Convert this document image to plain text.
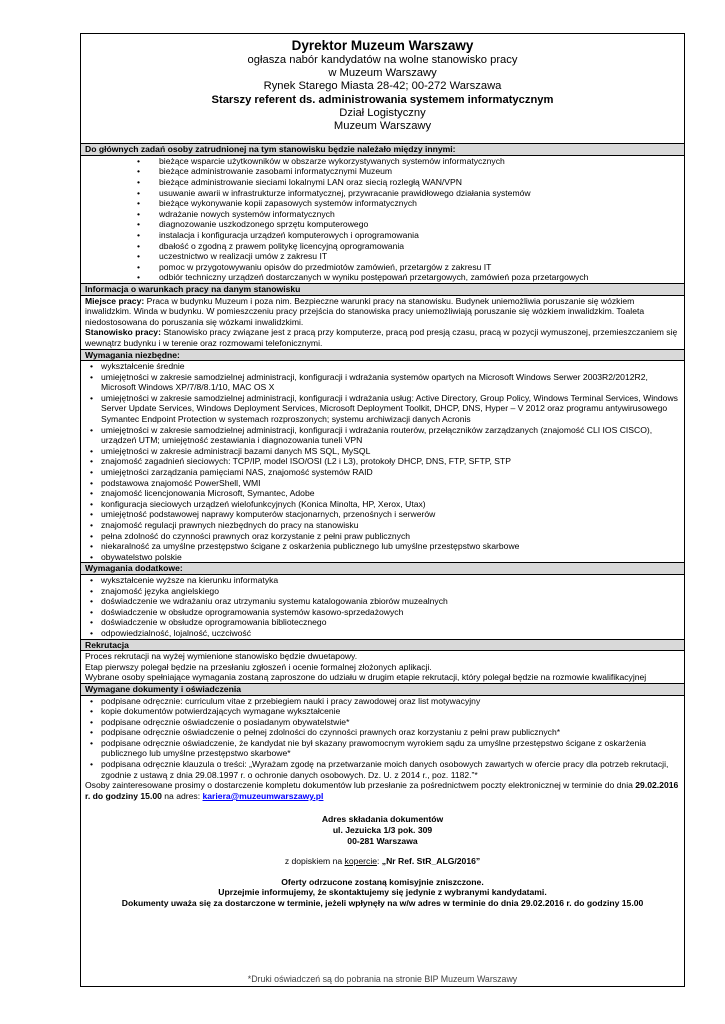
Dyrektor Muzeum Warszawy
ogłasza nabór kandydatów na wolne stanowisko pracy
w Muzeum Warszawy
Rynek Starego Miasta 28-42; 00-272 Warszawa
Starszy referent ds. administrowania systemem informatycznym
Dział Logistyczny
Muzeum Warszawy
Do głównych zadań osoby zatrudnionej na tym stanowisku będzie należało między innymi:
• bieżące wsparcie użytkowników w obszarze wykorzystywanych systemów informatycznych
• bieżące administrowanie zasobami informatycznymi Muzeum
• bieżące administrowanie sieciami lokalnymi LAN oraz siecią rozległą WAN/VPN
• usuwanie awarii w infrastrukturze informatycznej, przywracanie prawidłowego działania systemów
• bieżące wykonywanie kopii zapasowych systemów informatycznych
• wdrażanie nowych systemów informatycznych
• diagnozowanie uszkodzonego sprzętu komputerowego
• instalacja i konfiguracja urządzeń komputerowych i oprogramowania
• dbałość o zgodną z prawem politykę licencyjną oprogramowania
• uczestnictwo w realizacji umów z zakresu IT
• pomoc w przygotowywaniu opisów do przedmiotów zamówień, przetargów z zakresu IT
• odbiór techniczny urządzeń dostarczanych w wyniku postępowań przetargowych, zamówień poza przetargowych
Informacja o warunkach pracy na danym stanowisku
Miejsce pracy: Praca w budynku Muzeum i poza nim. Bezpieczne warunki pracy na stanowisku. Budynek uniemożliwia poruszanie się wózkiem inwalidzkim. Winda w budynku. W pomieszczeniu pracy przejścia do stanowiska pracy uniemożliwiają poruszanie się wózkiem inwalidzkim. Toaleta niedostosowana do poruszania się wózkami inwalidzkimi.
Stanowisko pracy: Stanowisko pracy związane jest z pracą przy komputerze, pracą pod presją czasu, pracą w pozycji wymuszonej, przemieszczaniem się wewnątrz budynku i w terenie oraz rozmowami telefonicznymi.
Wymagania niezbędne:
• wykształcenie średnie
• umiejętności w zakresie samodzielnej administracji, konfiguracji i wdrażania systemów opartych na Microsoft Windows Serwer 2003R2/2012R2, Microsoft Windows XP/7/8/8.1/10, MAC OS X
• umiejętności w zakresie samodzielnej administracji, konfiguracji i wdrażania usług: Active Directory, Group Policy, Windows Terminal Services, Windows Server Update Services, Windows Deployment Services, Microsoft Deployment Toolkit, DHCP, DNS, Hyper – V 2012 oraz programu antywirusowego Symantec Endpoint Protection w systemach rozproszonych; systemu archiwizacji danych Acronis
• umiejętności w zakresie samodzielnej administracji, konfiguracji i wdrażania routerów, przełączników zarządzanych (znajomość CLI IOS CISCO), urządzeń UTM; umiejętność zestawiania i diagnozowania tuneli VPN
• umiejętności w zakresie administracji bazami danych MS SQL, MySQL
• znajomość zagadnień sieciowych: TCP/IP, model ISO/OSI (L2 i L3), protokoły DHCP, DNS, FTP, SFTP, STP
• umiejętności zarządzania pamięciami NAS, znajomość systemów RAID
• podstawowa znajomość PowerShell, WMI
• znajomość licencjonowania Microsoft, Symantec, Adobe
• konfiguracja sieciowych urządzeń wielofunkcyjnych (Konica Minolta, HP, Xerox, Utax)
• umiejętność podstawowej naprawy komputerów stacjonarnych, przenośnych i serwerów
• znajomość regulacji prawnych niezbędnych do pracy na stanowisku
• pełna zdolność do czynności prawnych oraz korzystanie z pełni praw publicznych
• niekaralność za umyślne przestępstwo ścigane z oskarżenia publicznego lub umyślne przestępstwo skarbowe
• obywatelstwo polskie
Wymagania dodatkowe:
• wykształcenie wyższe na kierunku informatyka
• znajomość języka angielskiego
• doświadczenie we wdrażaniu oraz utrzymaniu systemu katalogowania zbiorów muzealnych
• doświadczenie w obsłudze oprogramowania systemów kasowo-sprzedażowych
• doświadczenie w obsłudze oprogramowania bibliotecznego
• odpowiedzialność, lojalność, uczciwość
Rekrutacja
Proces rekrutacji na wyżej wymienione stanowisko będzie dwuetapowy.
Etap pierwszy polegał będzie na przesłaniu zgłoszeń i ocenie formalnej złożonych aplikacji.
Wybrane osoby spełniające wymagania zostaną zaproszone do udziału w drugim etapie rekrutacji, który polegał będzie na rozmowie kwalifikacyjnej
Wymagane dokumenty i oświadczenia
• podpisane odręcznie: curriculum vitae z przebiegiem nauki i pracy zawodowej oraz list motywacyjny
• kopie dokumentów potwierdzających wymagane wykształcenie
• podpisane odręcznie oświadczenie o posiadanym obywatelstwie*
• podpisane odręcznie oświadczenie o pełnej zdolności do czynności prawnych oraz korzystaniu z pełni praw publicznych*
• podpisane odręcznie oświadczenie, że kandydat nie był skazany prawomocnym wyrokiem sądu za umyślne przestępstwo ścigane z oskarżenia publicznego lub umyślne przestępstwo skarbowe*
• podpisana odręcznie klauzula o treści: „Wyrażam zgodę na przetwarzanie moich danych osobowych zawartych w ofercie pracy dla potrzeb rekrutacji, zgodnie z ustawą z dnia 29.08.1997 r. o ochronie danych osobowych. Dz. U. z 2014 r., poz. 1182.”*
Osoby zainteresowane prosimy o dostarczenie kompletu dokumentów lub przesłanie za pośrednictwem poczty elektronicznej w terminie do dnia 29.02.2016 r. do godziny 15.00 na adres: kariera@muzeumwarszawy.pl
Adres składania dokumentów
ul. Jezuicka 1/3 pok. 309
00-281 Warszawa
z dopiskiem na kopercie: „Nr Ref. StR_ALG/2016”
Oferty odrzucone zostaną komisyjnie zniszczone.
Uprzejmie informujemy, że skontaktujemy się jedynie z wybranymi kandydatami.
Dokumenty uważa się za dostarczone w terminie, jeżeli wpłynęły na w/w adres w terminie do dnia 29.02.2016 r. do godziny 15.00
*Druki oświadczeń są do pobrania na stronie BIP Muzeum Warszawy
